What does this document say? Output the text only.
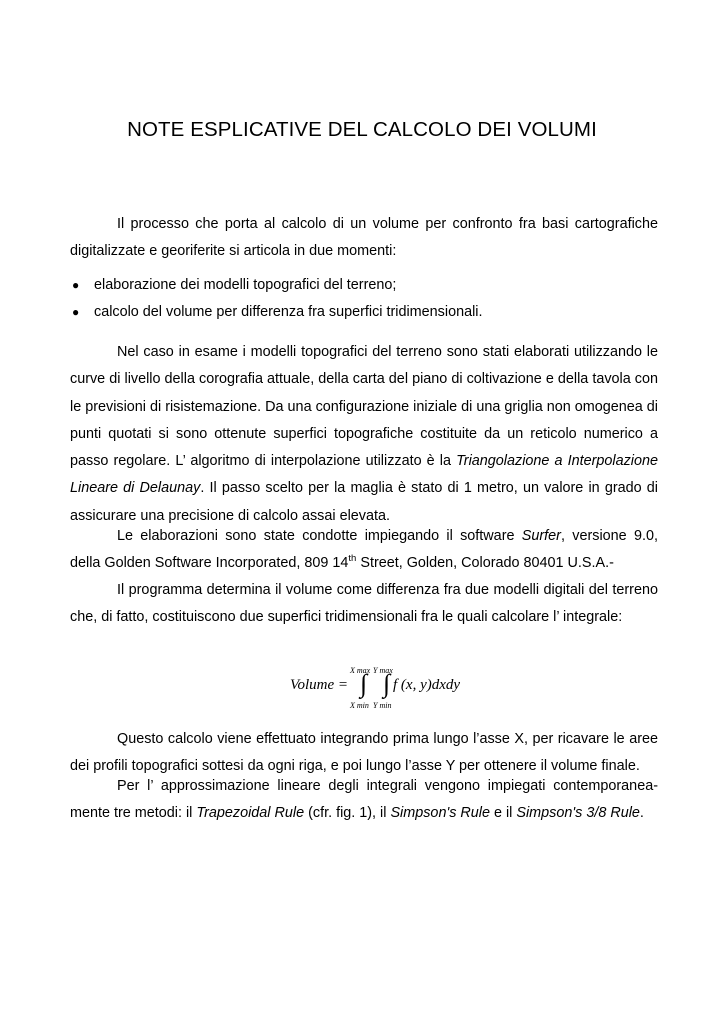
NOTE ESPLICATIVE DEL CALCOLO DEI VOLUMI

Il processo che porta al calcolo di un volume per confronto fra basi cartografiche digitalizzate e georiferite si articola in due momenti:

● elaborazione dei modelli topografici del terreno;
● calcolo del volume per differenza fra superfici tridimensionali.

Nel caso in esame i modelli topografici del terreno sono stati elaborati utilizzando le curve di livello della corografia attuale, della carta del piano di coltivazione e della tavola con le previsioni di risistemazione. Da una configurazione iniziale di una griglia non omogenea di punti quotati si sono ottenute superfici topografiche costituite da un reticolo numerico a passo regolare. L’ algoritmo di interpolazione utilizzato è la Triangolazione a Interpolazione Lineare di Delaunay. Il passo scelto per la maglia è stato di 1 metro, un valore in grado di assicurare una precisione di calcolo assai elevata.

Le elaborazioni sono state condotte impiegando il software Surfer, versione 9.0, della Golden Software Incorporated, 809 14th Street, Golden, Colorado 80401 U.S.A.-

Il programma determina il volume come differenza fra due modelli digitali del terreno che, di fatto, costituiscono due superfici tridimensionali fra le quali calcolare l’ integrale:

Volume =
X max Y max
∫ ∫
X min Y min
f (x, y)dxdy

Questo calcolo viene effettuato integrando prima lungo l’asse X, per ricavare le aree dei profili topografici sottesi da ogni riga, e poi lungo l’asse Y per ottenere il volume finale.

Per l’ approssimazione lineare degli integrali vengono impiegati contemporanea-mente tre metodi: il Trapezoidal Rule (cfr. fig. 1), il Simpson's Rule e il Simpson's 3/8 Rule.
